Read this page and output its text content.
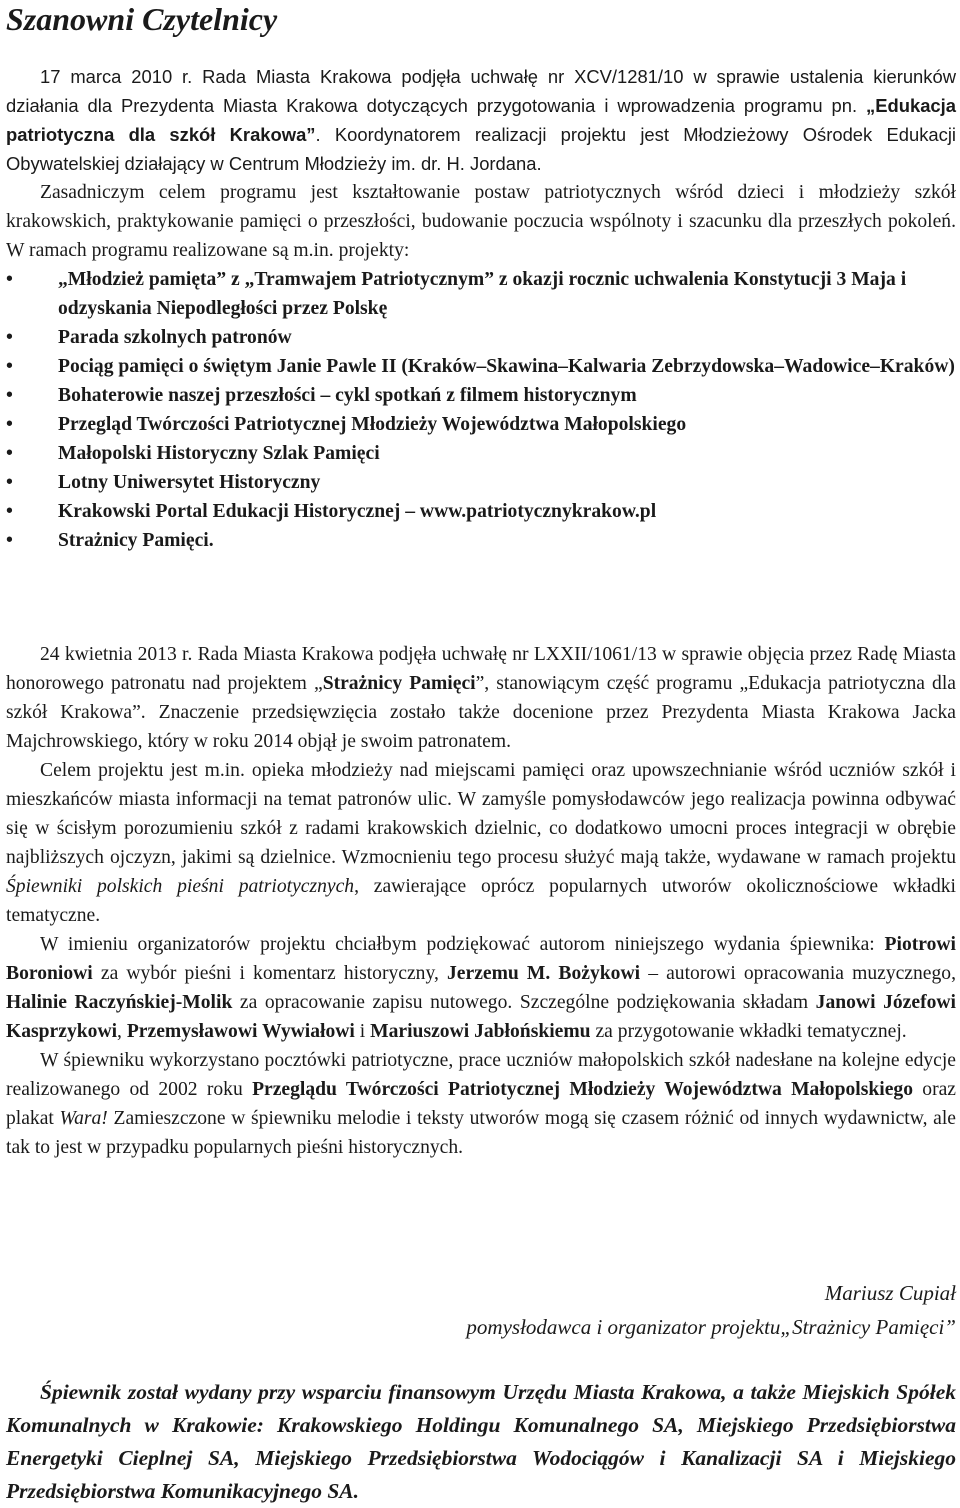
Szanowni Czytelnicy

17 marca 2010 r. Rada Miasta Krakowa podjęła uchwałę nr XCV/1281/10 w sprawie ustalenia kierunków działania dla Prezydenta Miasta Krakowa dotyczących przygotowania i wprowadzenia programu pn. „Edukacja patriotyczna dla szkół Krakowa”. Koordynatorem realizacji projektu jest Młodzieżowy Ośrodek Edukacji Obywatelskiej działający w Centrum Młodzieży im. dr. H. Jordana.

Zasadniczym celem programu jest kształtowanie postaw patriotycznych wśród dzieci i młodzieży szkół krakowskich, praktykowanie pamięci o przeszłości, budowanie poczucia wspólnoty i szacunku dla przeszłych pokoleń. W ramach programu realizowane są m.in. projekty:

• „Młodzież pamięta” z „Tramwajem Patriotycznym” z okazji rocznic uchwalenia Konstytucji 3 Maja i odzyskania Niepodległości przez Polskę
• Parada szkolnych patronów
• Pociąg pamięci o świętym Janie Pawle II (Kraków–Skawina–Kalwaria Zebrzydowska–Wadowice–Kraków)
• Bohaterowie naszej przeszłości – cykl spotkań z filmem historycznym
• Przegląd Twórczości Patriotycznej Młodzieży Województwa Małopolskiego
• Małopolski Historyczny Szlak Pamięci
• Lotny Uniwersytet Historyczny
• Krakowski Portal Edukacji Historycznej – www.patriotycznykrakow.pl
• Strażnicy Pamięci.

24 kwietnia 2013 r. Rada Miasta Krakowa podjęła uchwałę nr LXXII/1061/13 w sprawie objęcia przez Radę Miasta honorowego patronatu nad projektem „Strażnicy Pamięci”, stanowiącym część programu „Edukacja patriotyczna dla szkół Krakowa”. Znaczenie przedsięwzięcia zostało także docenione przez Prezydenta Miasta Krakowa Jacka Majchrowskiego, który w roku 2014 objął je swoim patronatem.

Celem projektu jest m.in. opieka młodzieży nad miejscami pamięci oraz upowszechnianie wśród uczniów szkół i mieszkańców miasta informacji na temat patronów ulic. W zamyśle pomysłodawców jego realizacja powinna odbywać się w ścisłym porozumieniu szkół z radami krakowskich dzielnic, co dodatkowo umocni proces integracji w obrębie najbliższych ojczyzn, jakimi są dzielnice. Wzmocnieniu tego procesu służyć mają także, wydawane w ramach projektu Śpiewniki polskich pieśni patriotycznych, zawierające oprócz popularnych utworów okolicznościowe wkładki tematyczne.

W imieniu organizatorów projektu chciałbym podziękować autorom niniejszego wydania śpiewnika: Piotrowi Boroniowi za wybór pieśni i komentarz historyczny, Jerzemu M. Bożykowi – autorowi opracowania muzycznego, Halinie Raczyńskiej-Molik za opracowanie zapisu nutowego. Szczególne podziękowania składam Janowi Józefowi Kasprzykowi, Przemysławowi Wywiałowi i Mariuszowi Jabłońskiemu za przygotowanie wkładki tematycznej.

W śpiewniku wykorzystano pocztówki patriotyczne, prace uczniów małopolskich szkół nadesłane na kolejne edycje realizowanego od 2002 roku Przeglądu Twórczości Patriotycznej Młodzieży Województwa Małopolskiego oraz plakat Wara! Zamieszczone w śpiewniku melodie i teksty utworów mogą się czasem różnić od innych wydawnictw, ale tak to jest w przypadku popularnych pieśni historycznych.

Mariusz Cupiał

pomysłodawca i organizator projektu„Strażnicy Pamięci”

Śpiewnik został wydany przy wsparciu finansowym Urzędu Miasta Krakowa, a także Miejskich Spółek Komunalnych w Krakowie: Krakowskiego Holdingu Komunalnego SA, Miejskiego Przedsiębiorstwa Energetyki Cieplnej SA, Miejskiego Przedsiębiorstwa Wodociągów i Kanalizacji SA i Miejskiego Przedsiębiorstwa Komunikacyjnego SA.
